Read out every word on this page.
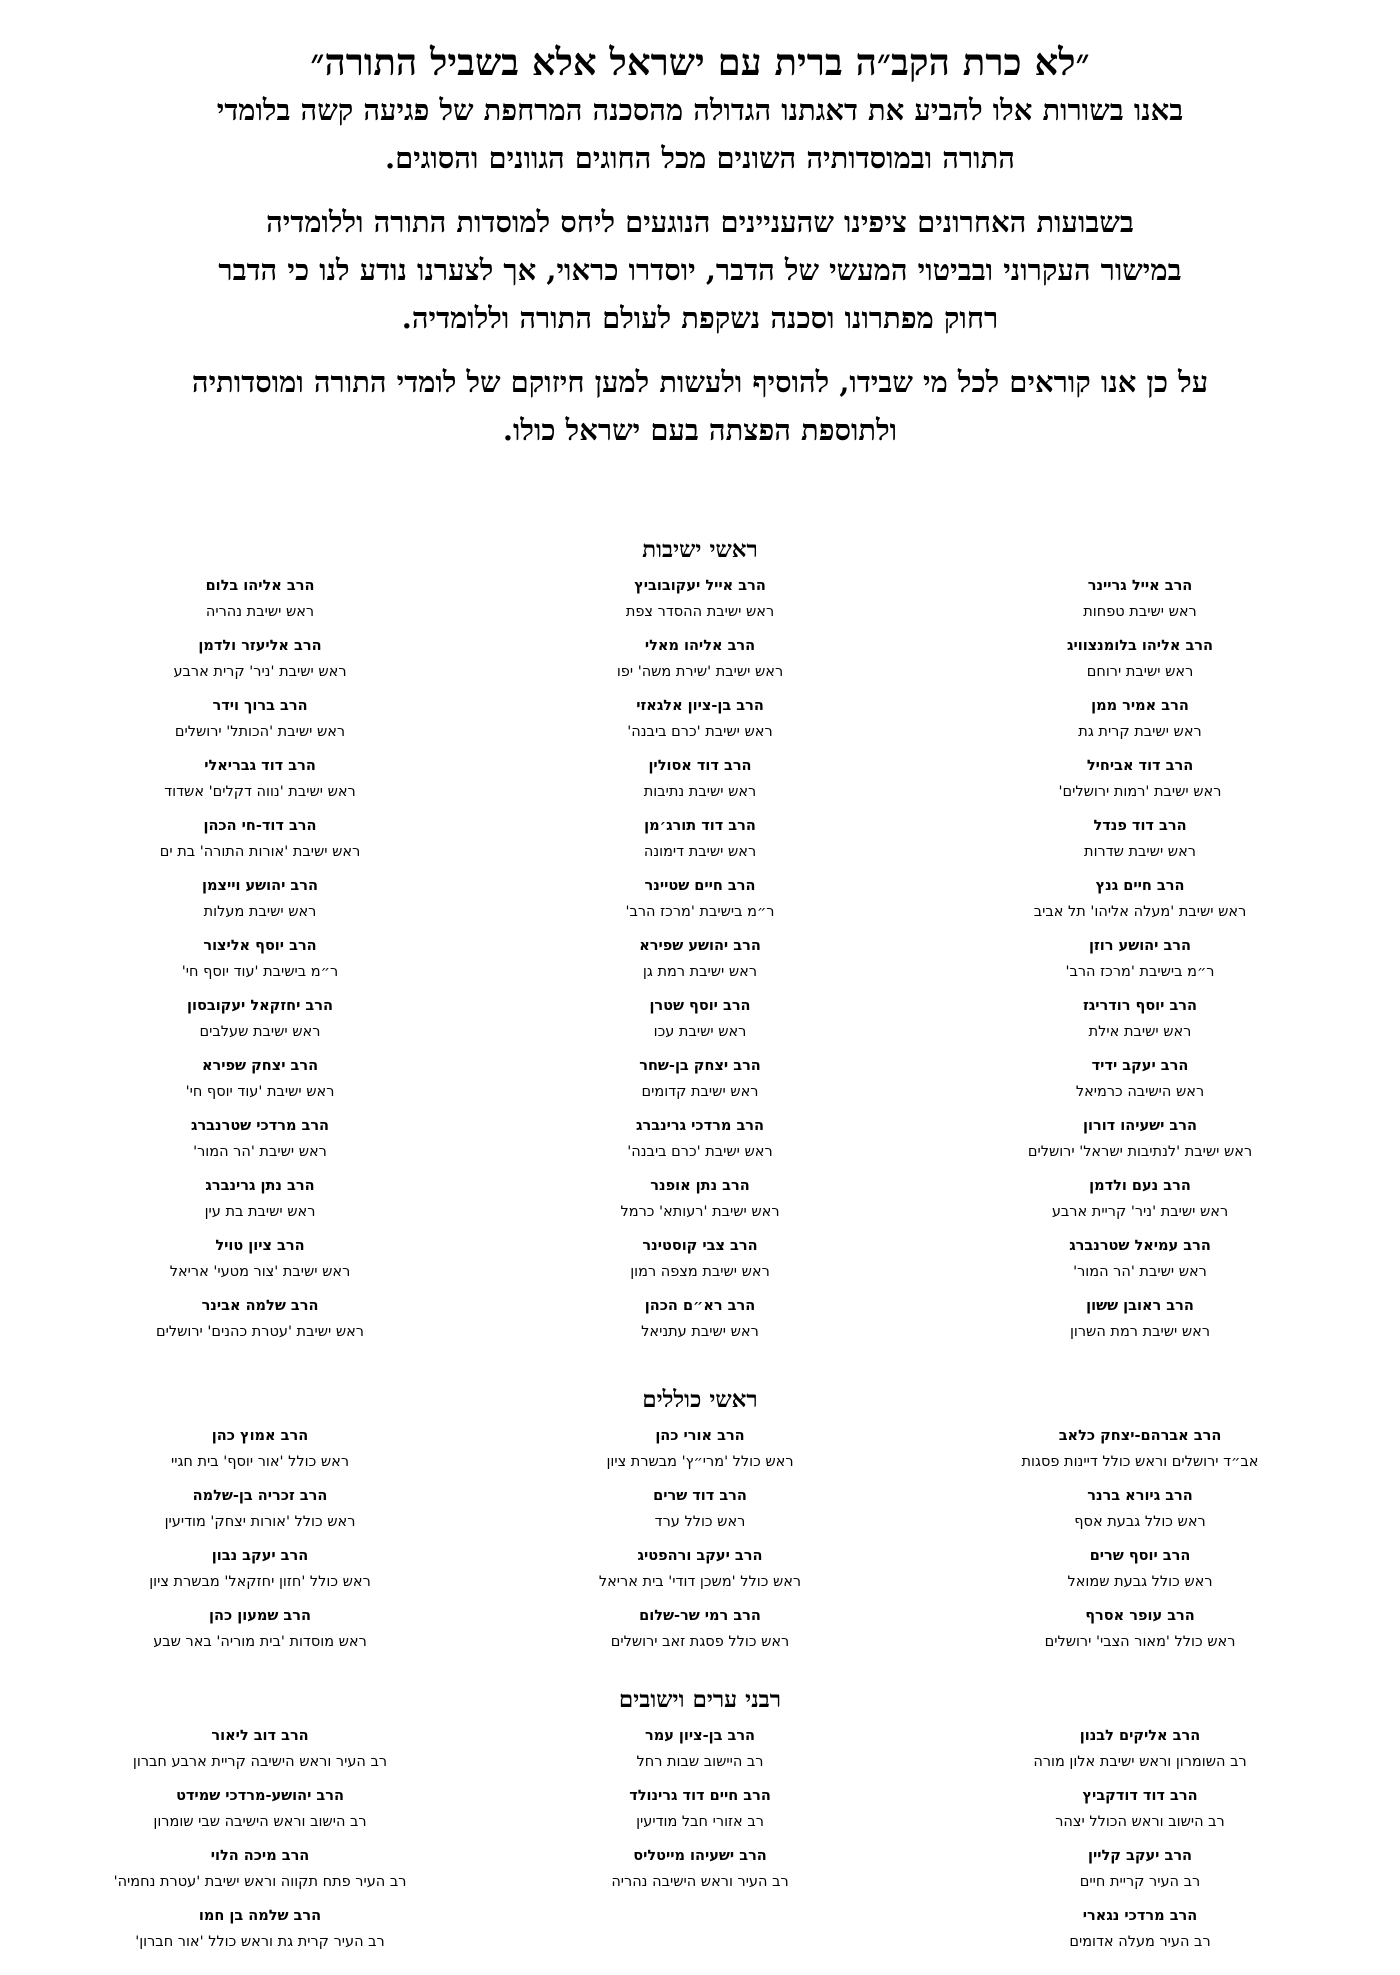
״לא כרת הקב״ה ברית עם ישראל אלא בשביל התורה״
באנו בשורות אלו להביע את דאגתנו הגדולה מהסכנה המרחפת של פגיעה קשה בלומדי
התורה ובמוסדותיה השונים מכל החוגים הגוונים והסוגים.
בשבועות האחרונים ציפינו שהעניינים הנוגעים ליחס למוסדות התורה וללומדיה
במישור העקרוני ובביטוי המעשי של הדבר, יוסדרו כראוי, אך לצערנו נודע לנו כי הדבר
רחוק מפתרונו וסכנה נשקפת לעולם התורה וללומדיה.
על כן אנו קוראים לכל מי שבידו, להוסיף ולעשות למען חיזוקם של לומדי התורה ומוסדותיה
ולתוספת הפצתה בעם ישראל כולו.
ראשי ישיבות
הרב אייל גריינר
ראש ישיבת טפחות
הרב אליהו בלומנצוויג
ראש ישיבת ירוחם
הרב אמיר ממן
ראש ישיבת קרית גת
הרב דוד אביחיל
ראש ישיבת 'רמות ירושלים'
הרב דוד פנדל
ראש ישיבת שדרות
הרב חיים גנץ
ראש ישיבת 'מעלה אליהו' תל אביב
הרב יהושע רוזן
ר״מ בישיבת 'מרכז הרב'
הרב יוסף רודריגז
ראש ישיבת אילת
הרב יעקב ידיד
ראש הישיבה כרמיאל
הרב ישעיהו דורון
ראש ישיבת 'לנתיבות ישראל' ירושלים
הרב נעם ולדמן
ראש ישיבת 'ניר' קריית ארבע
הרב עמיאל שטרנברג
ראש ישיבת 'הר המור'
הרב ראובן ששון
ראש ישיבת רמת השרון
הרב אייל יעקובוביץ
ראש ישיבת ההסדר צפת
הרב אליהו מאלי
ראש ישיבת 'שירת משה' יפו
הרב בן-ציון אלגאזי
ראש ישיבת 'כרם ביבנה'
הרב דוד אסולין
ראש ישיבת נתיבות
הרב דוד תורג׳מן
ראש ישיבת דימונה
הרב חיים שטיינר
ר״מ בישיבת 'מרכז הרב'
הרב יהושע שפירא
ראש ישיבת רמת גן
הרב יוסף שטרן
ראש ישיבת עכו
הרב יצחק בן-שחר
ראש ישיבת קדומים
הרב מרדכי גרינברג
ראש ישיבת 'כרם ביבנה'
הרב נתן אופנר
ראש ישיבת 'רעותא' כרמל
הרב צבי קוסטינר
ראש ישיבת מצפה רמון
הרב רא״ם הכהן
ראש ישיבת עתניאל
הרב אליהו בלום
ראש ישיבת נהריה
הרב אליעזר ולדמן
ראש ישיבת 'ניר' קרית ארבע
הרב ברוך וידר
ראש ישיבת 'הכותל' ירושלים
הרב דוד גבריאלי
ראש ישיבת 'נווה דקלים' אשדוד
הרב דוד-חי הכהן
ראש ישיבת 'אורות התורה' בת ים
הרב יהושע וייצמן
ראש ישיבת מעלות
הרב יוסף אליצור
ר״מ בישיבת 'עוד יוסף חי'
הרב יחזקאל יעקובסון
ראש ישיבת שעלבים
הרב יצחק שפירא
ראש ישיבת 'עוד יוסף חי'
הרב מרדכי שטרנברג
ראש ישיבת 'הר המור'
הרב נתן גרינברג
ראש ישיבת בת עין
הרב ציון טויל
ראש ישיבת 'צור מטעי' אריאל
הרב שלמה אבינר
ראש ישיבת 'עטרת כהנים' ירושלים
ראשי כוללים
הרב אברהם-יצחק כלאב
אב״ד ירושלים וראש כולל דיינות פסגות
הרב גיורא ברנר
ראש כולל גבעת אסף
הרב יוסף שרים
ראש כולל גבעת שמואל
הרב עופר אסרף
ראש כולל 'מאור הצבי' ירושלים
הרב אורי כהן
ראש כולל 'מרי״ץ' מבשרת ציון
הרב דוד שרים
ראש כולל ערד
הרב יעקב ורהפטיג
ראש כולל 'משכן דודי' בית אריאל
הרב רמי שר-שלום
ראש כולל פסגת זאב ירושלים
הרב אמוץ כהן
ראש כולל 'אור יוסף' בית חגיי
הרב זכריה בן-שלמה
ראש כולל 'אורות יצחק' מודיעין
הרב יעקב נבון
ראש כולל 'חזון יחזקאל' מבשרת ציון
הרב שמעון כהן
ראש מוסדות 'בית מוריה' באר שבע
רבני ערים וישובים
הרב אליקים לבנון
רב השומרון וראש ישיבת אלון מורה
הרב דוד דודקביץ
רב הישוב וראש הכולל יצהר
הרב יעקב קליין
רב העיר קריית חיים
הרב מרדכי נגארי
רב העיר מעלה אדומים
הרב בן-ציון עמר
רב היישוב שבות רחל
הרב חיים דוד גרינולד
רב אזורי חבל מודיעין
הרב ישעיהו מייטליס
רב העיר וראש הישיבה נהריה
הרב דוב ליאור
רב העיר וראש הישיבה קריית ארבע חברון
הרב יהושע-מרדכי שמידט
רב הישוב וראש הישיבה שבי שומרון
הרב מיכה הלוי
רב העיר פתח תקווה וראש ישיבת 'עטרת נחמיה'
הרב שלמה בן חמו
רב העיר קרית גת וראש כולל 'אור חברון'
